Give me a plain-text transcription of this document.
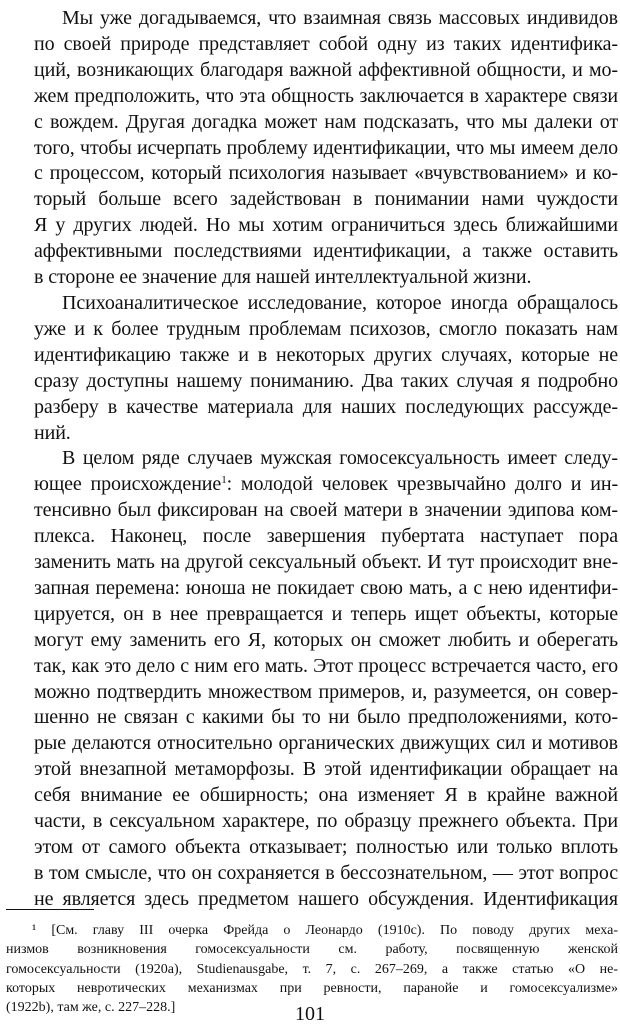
Мы уже догадываемся, что взаимная связь массовых индивидов
по своей природе представляет собой одну из таких идентифика-
ций, возникающих благодаря важной аффективной общности, и мо-
жем предположить, что эта общность заключается в характере связи
с вождем. Другая догадка может нам подсказать, что мы далеки от
того, чтобы исчерпать проблему идентификации, что мы имеем дело
с процессом, который психология называет «вчувствованием» и ко-
торый больше всего задействован в понимании нами чуждости
Я у других людей. Но мы хотим ограничиться здесь ближайшими
аффективными последствиями идентификации, а также оставить
в стороне ее значение для нашей интеллектуальной жизни.

Психоаналитическое исследование, которое иногда обращалось
уже и к более трудным проблемам психозов, смогло показать нам
идентификацию также и в некоторых других случаях, которые не
сразу доступны нашему пониманию. Два таких случая я подробно
разберу в качестве материала для наших последующих рассужде-
ний.

В целом ряде случаев мужская гомосексуальность имеет следу-
ющее происхождение$^1$: молодой человек чрезвычайно долго и ин-
тенсивно был фиксирован на своей матери в значении эдипова ком-
плекса. Наконец, после завершения пубертата наступает пора
заменить мать на другой сексуальный объект. И тут происходит вне-
запная перемена: юноша не покидает свою мать, а с нею идентифи-
цируется, он в нее превращается и теперь ищет объекты, которые
могут ему заменить его Я, которых он сможет любить и оберегать
так, как это дело с ним его мать. Этот процесс встречается часто, его
можно подтвердить множеством примеров, и, разумеется, он совер-
шенно не связан с какими бы то ни было предположениями, кото-
рые делаются относительно органических движущих сил и мотивов
этой внезапной метаморфозы. В этой идентификации обращает на
себя внимание ее обширность; она изменяет Я в крайне важной
части, в сексуальном характере, по образцу прежнего объекта. При
этом от самого объекта отказывает; полностью или только вплоть
в том смысле, что он сохраняется в бессознательном, — этот вопрос
не является здесь предметом нашего обсуждения. Идентификация

¹ [См. главу III очерка Фрейда о Леонардо (1910с). По поводу других меха-
низмов возникновения гомосексуальности см. работу, посвященную женской
гомосексуальности (1920а), Studienausgabe, т. 7, с. 267–269, а также статью «О не-
которых невротических механизмах при ревности, паранойе и гомосексуализме»
(1922b), там же, с. 227–228.]	101
